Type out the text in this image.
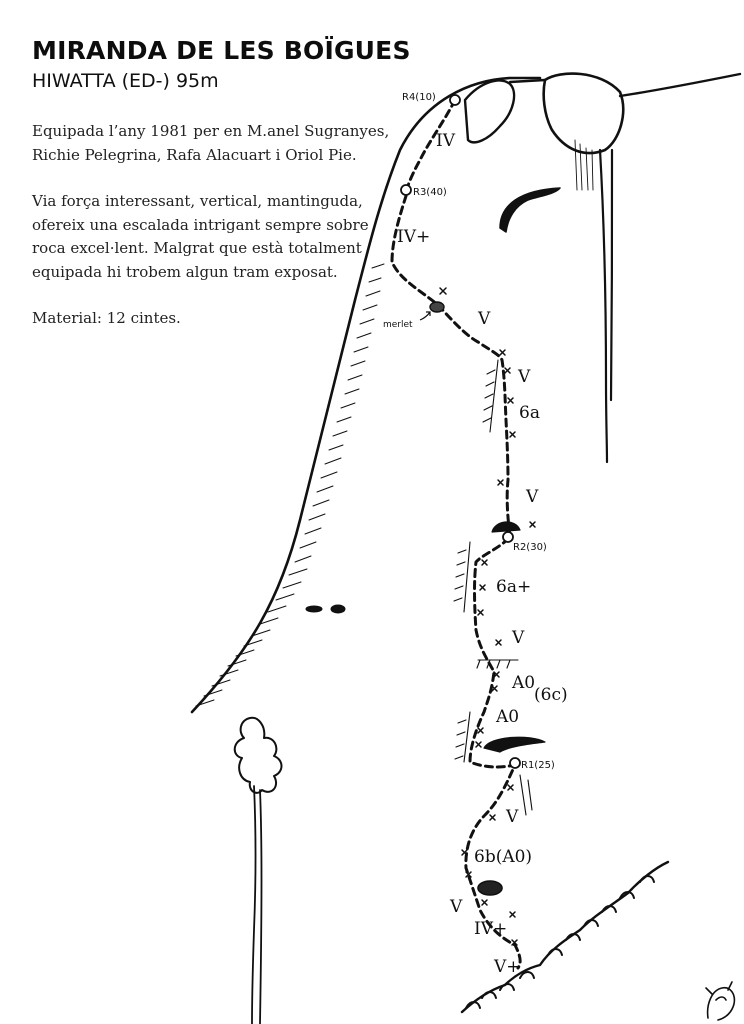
MIRANDA DE LES BOÏGUES
HIWATTA (ED-) 95m

Equipada l’any 1981 per en M.anel Sugranyes, Richie Pelegrina, Rafa Alacuart i Oriol Pie.

Via força interessant, vertical, mantinguda, ofereix una escalada intrigant sempre sobre roca excel·lent. Malgrat que està totalment equipada hi trobem algun tram exposat.

Material: 12 cintes.

R4(10)
R3(40)
R2(30)
R1(25)
merlet
IV
IV+
V
V
6a
V
6a+
V
A0
(6c)
A0
V
6b(A0)
V
IV+
V+
